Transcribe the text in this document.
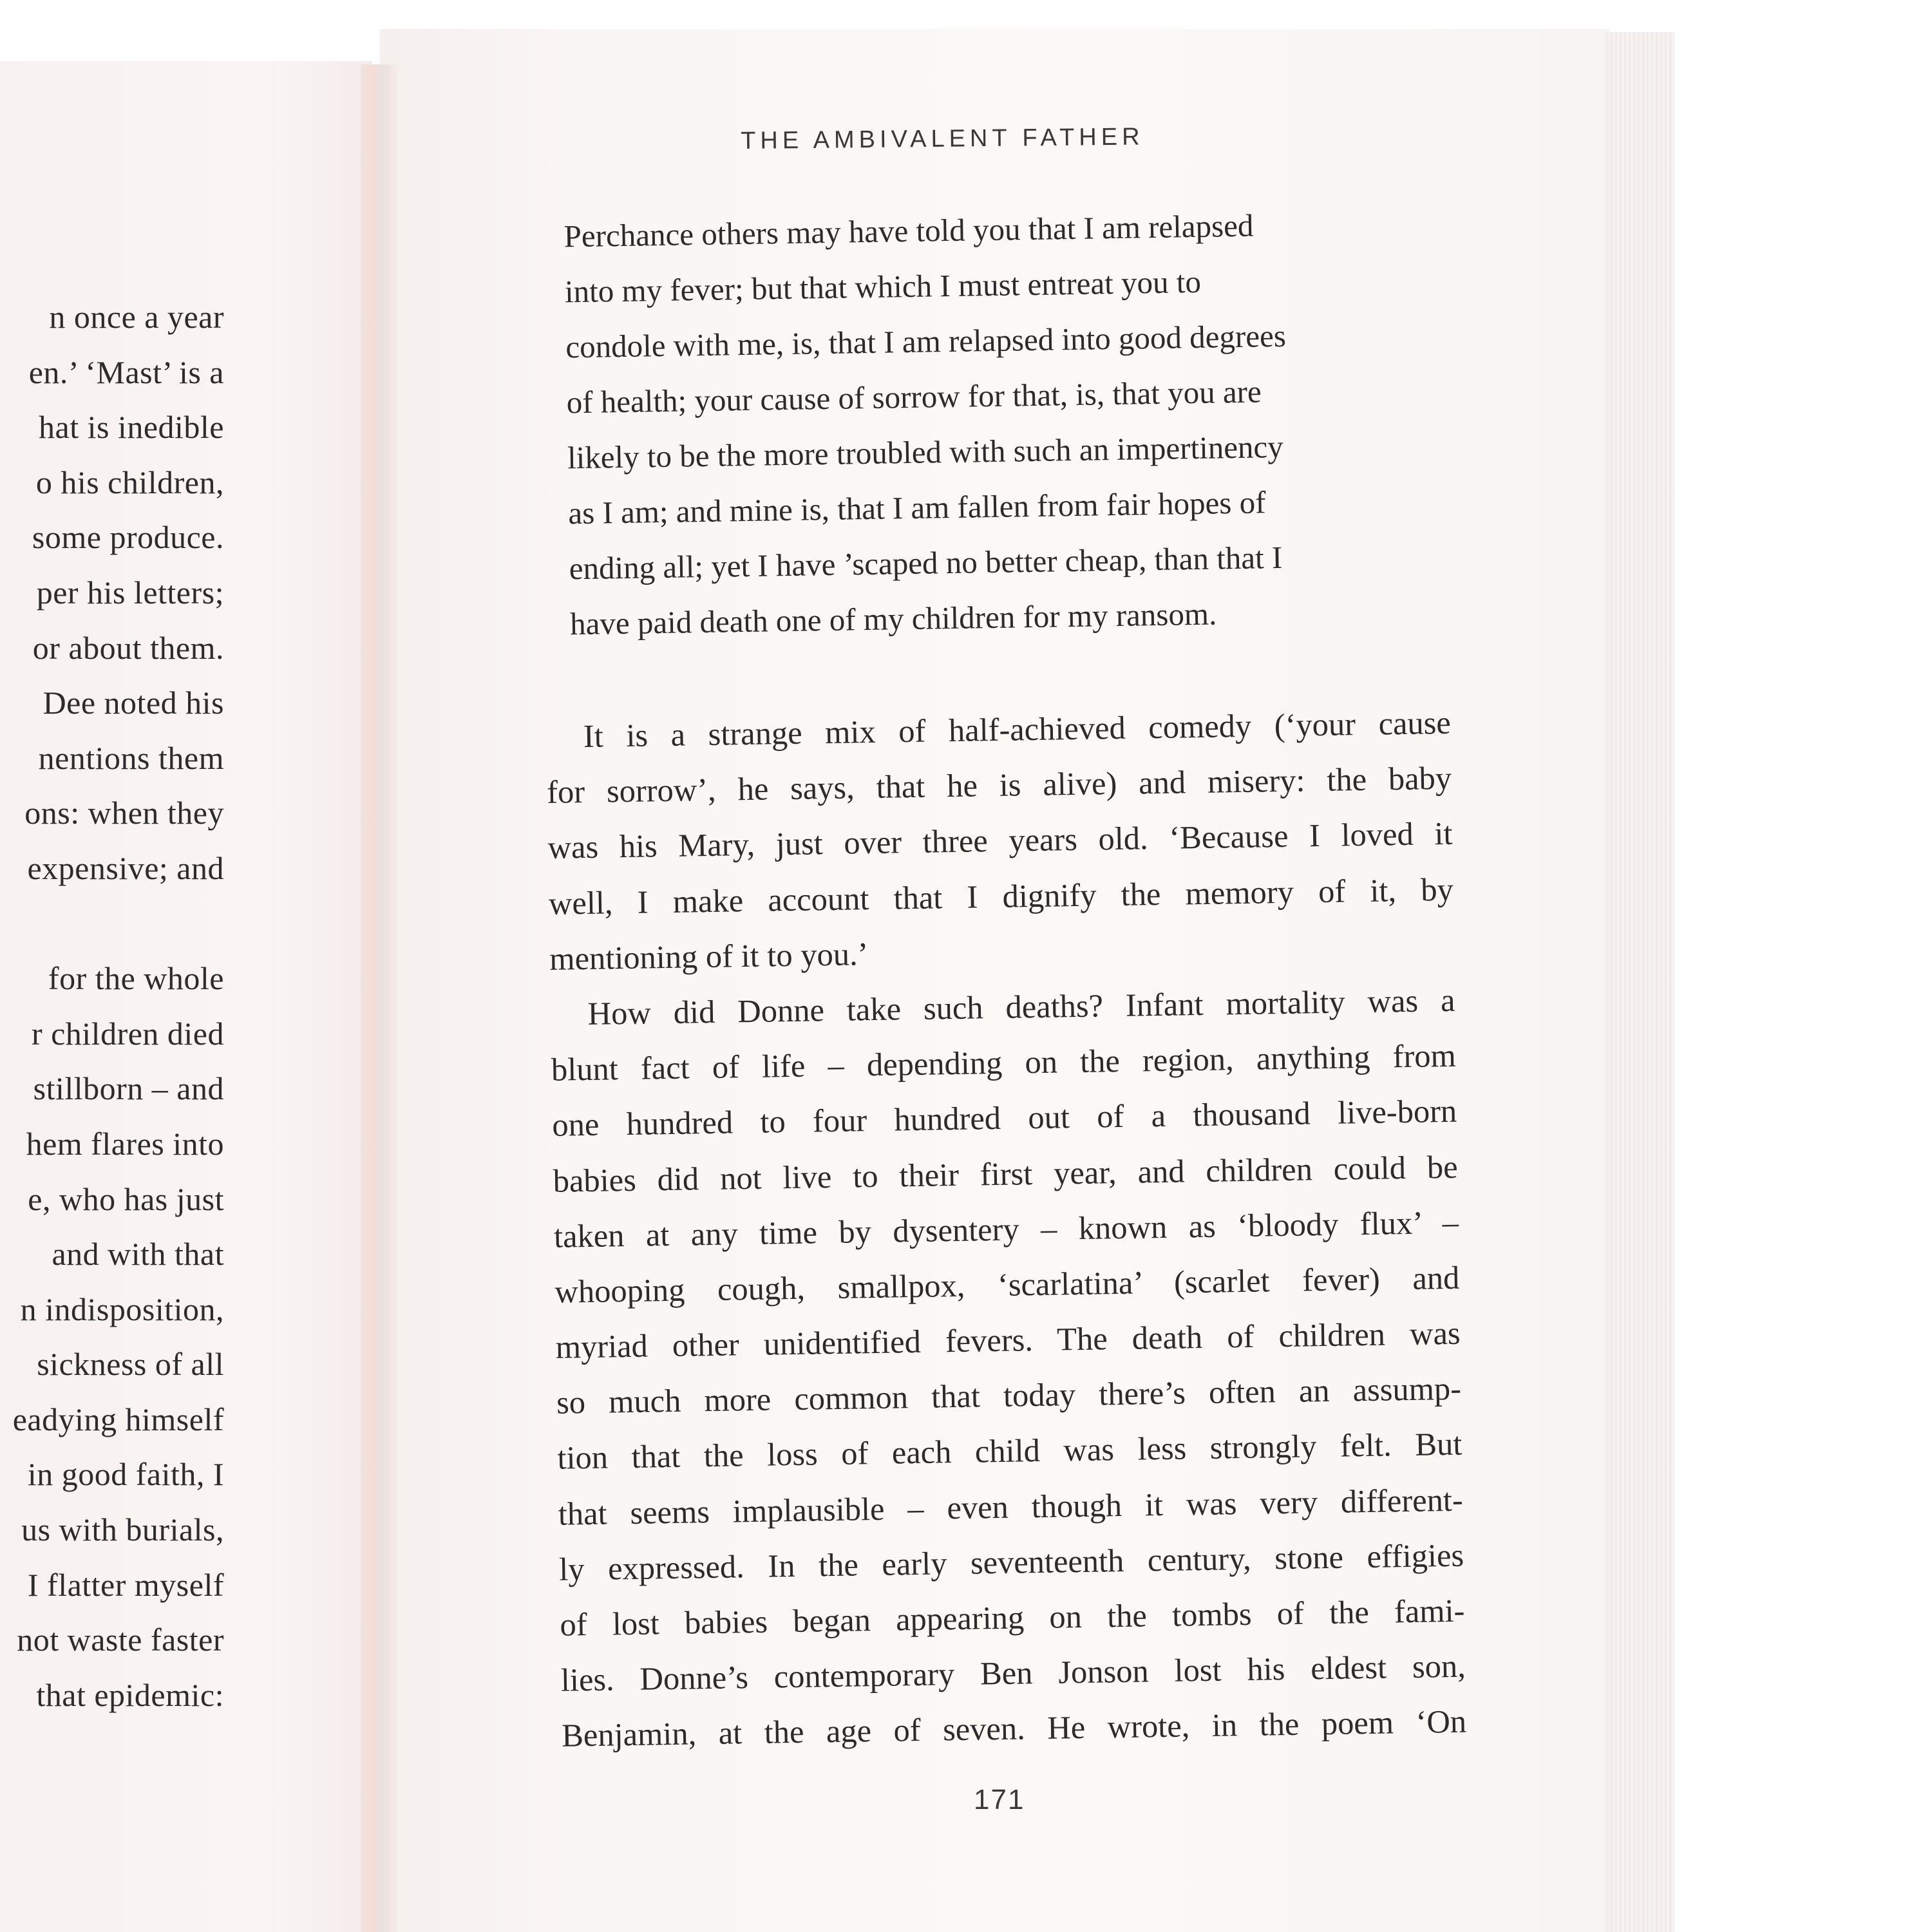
n once a year
en.’ ‘Mast’ is a
hat is inedible
o his children,
some produce.
per his letters;
or about them.
Dee noted his
nentions them
ons: when they
expensive; and
for the whole
r children died
stillborn – and
hem flares into
e, who has just
and with that
n indisposition,
sickness of all
eadying himself
in good faith, I
us with burials,
I flatter myself
not waste faster
that epidemic:
THE AMBIVALENT FATHER
Perchance others may have told you that I am relapsed
into my fever; but that which I must entreat you to
condole with me, is, that I am relapsed into good degrees
of health; your cause of sorrow for that, is, that you are
likely to be the more troubled with such an impertinency
as I am; and mine is, that I am fallen from fair hopes of
ending all; yet I have ’scaped no better cheap, than that I
have paid death one of my children for my ransom.
It is a strange mix of half-achieved comedy (‘your cause
for sorrow’, he says, that he is alive) and misery: the baby
was his Mary, just over three years old. ‘Because I loved it
well, I make account that I dignify the memory of it, by
mentioning of it to you.’
How did Donne take such deaths? Infant mortality was a
blunt fact of life – depending on the region, anything from
one hundred to four hundred out of a thousand live-born
babies did not live to their first year, and children could be
taken at any time by dysentery – known as ‘bloody flux’ –
whooping cough, smallpox, ‘scarlatina’ (scarlet fever) and
myriad other unidentified fevers. The death of children was
so much more common that today there’s often an assump-
tion that the loss of each child was less strongly felt. But
that seems implausible – even though it was very different-
ly expressed. In the early seventeenth century, stone effigies
of lost babies began appearing on the tombs of the fami-
lies. Donne’s contemporary Ben Jonson lost his eldest son,
Benjamin, at the age of seven. He wrote, in the poem ‘On
171
